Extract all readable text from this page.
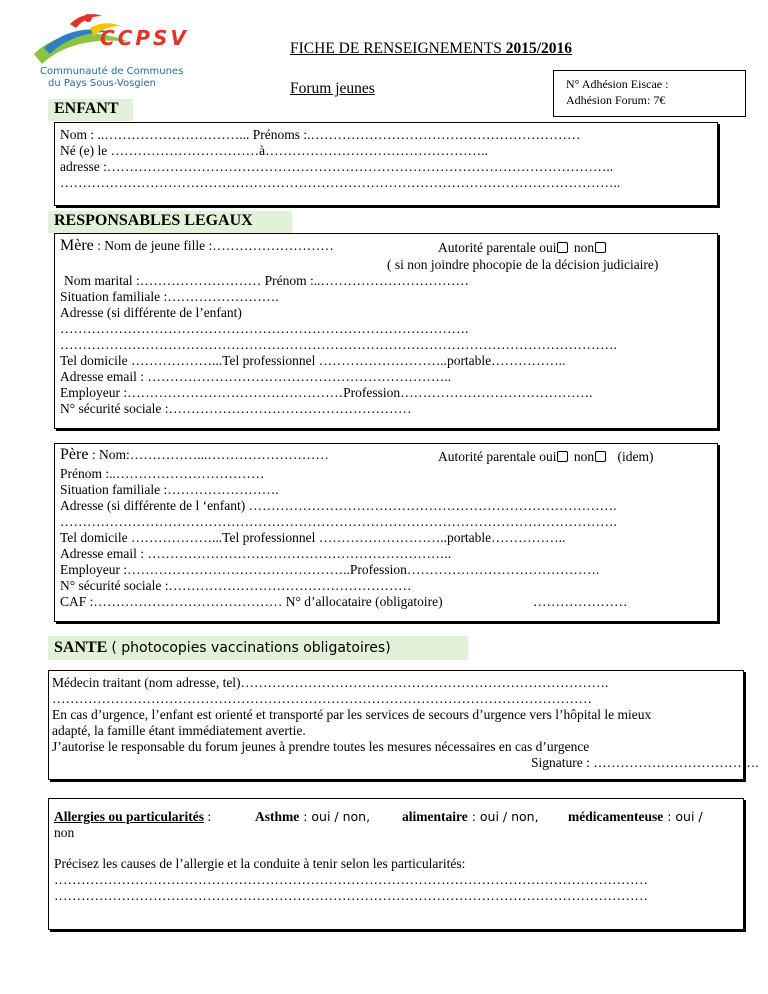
CCPSV
Communauté de Communes
du Pays Sous-Vosgien
FICHE DE RENSEIGNEMENTS 2015/2016
Forum jeunes	N° Adhésion Eiscae :
Adhésion Forum: 7€
ENFANT
Nom : ..…………………………... Prénoms :.……………………………………………………
Né (e) le ……………………………à…………………………………………..
adresse :…………………………………………………………………………………………………..
……………………………………………………………………………………………………………..
RESPONSABLES LEGAUX
Mère : Nom de jeune fille :………………………	Autorité parentale oui non
( si non joindre phocopie de la décision judiciaire)
Nom marital :……………………… Prénom :..……………………………
Situation familiale :…………………….
Adresse (si différente de l’enfant)
……………………………………………………………………………….
…………………………………………………………………………………………………………….
Tel domicile ………………...Tel professionnel ………………………..portable……………..
Adresse email : …………………………………………………………..
Employeur :…………………………………………Profession…………………………………….
N° sécurité sociale :………………………………………………
Père : Nom:……………...………………………	Autorité parentale oui non (idem)
Prénom :..……………………………
Situation familiale :…………………….
Adresse (si différente de l ‘enfant) ……………………………………………………………………….
…………………………………………………………………………………………………………….
Tel domicile ………………...Tel professionnel ………………………..portable……………..
Adresse email : …………………………………………………………..
Employeur :…………………………………………..Profession…………………………………….
N° sécurité sociale :………………………………………………
CAF :…………………………………… N° d’allocataire (obligatoire)	…………………
SANTE ( photocopies vaccinations obligatoires)
Médecin traitant (nom adresse, tel)……………………………………………………………………….
…………………………………………………………………………………………………………
En cas d’urgence, l’enfant est orienté et transporté par les services de secours d’urgence vers l’hôpital le mieux
adapté, la famille étant immédiatement avertie.
J’autorise le responsable du forum jeunes à prendre toutes les mesures nécessaires en cas d’urgence
Signature : ……………………………….
Allergies ou particularités :	Asthme : oui / non, alimentaire : oui / non, médicamenteuse : oui /
non
Précisez les causes de l’allergie et la conduite à tenir selon les particularités:
……………………………………………………………………………………………………………………
……………………………………………………………………………………………………………………
